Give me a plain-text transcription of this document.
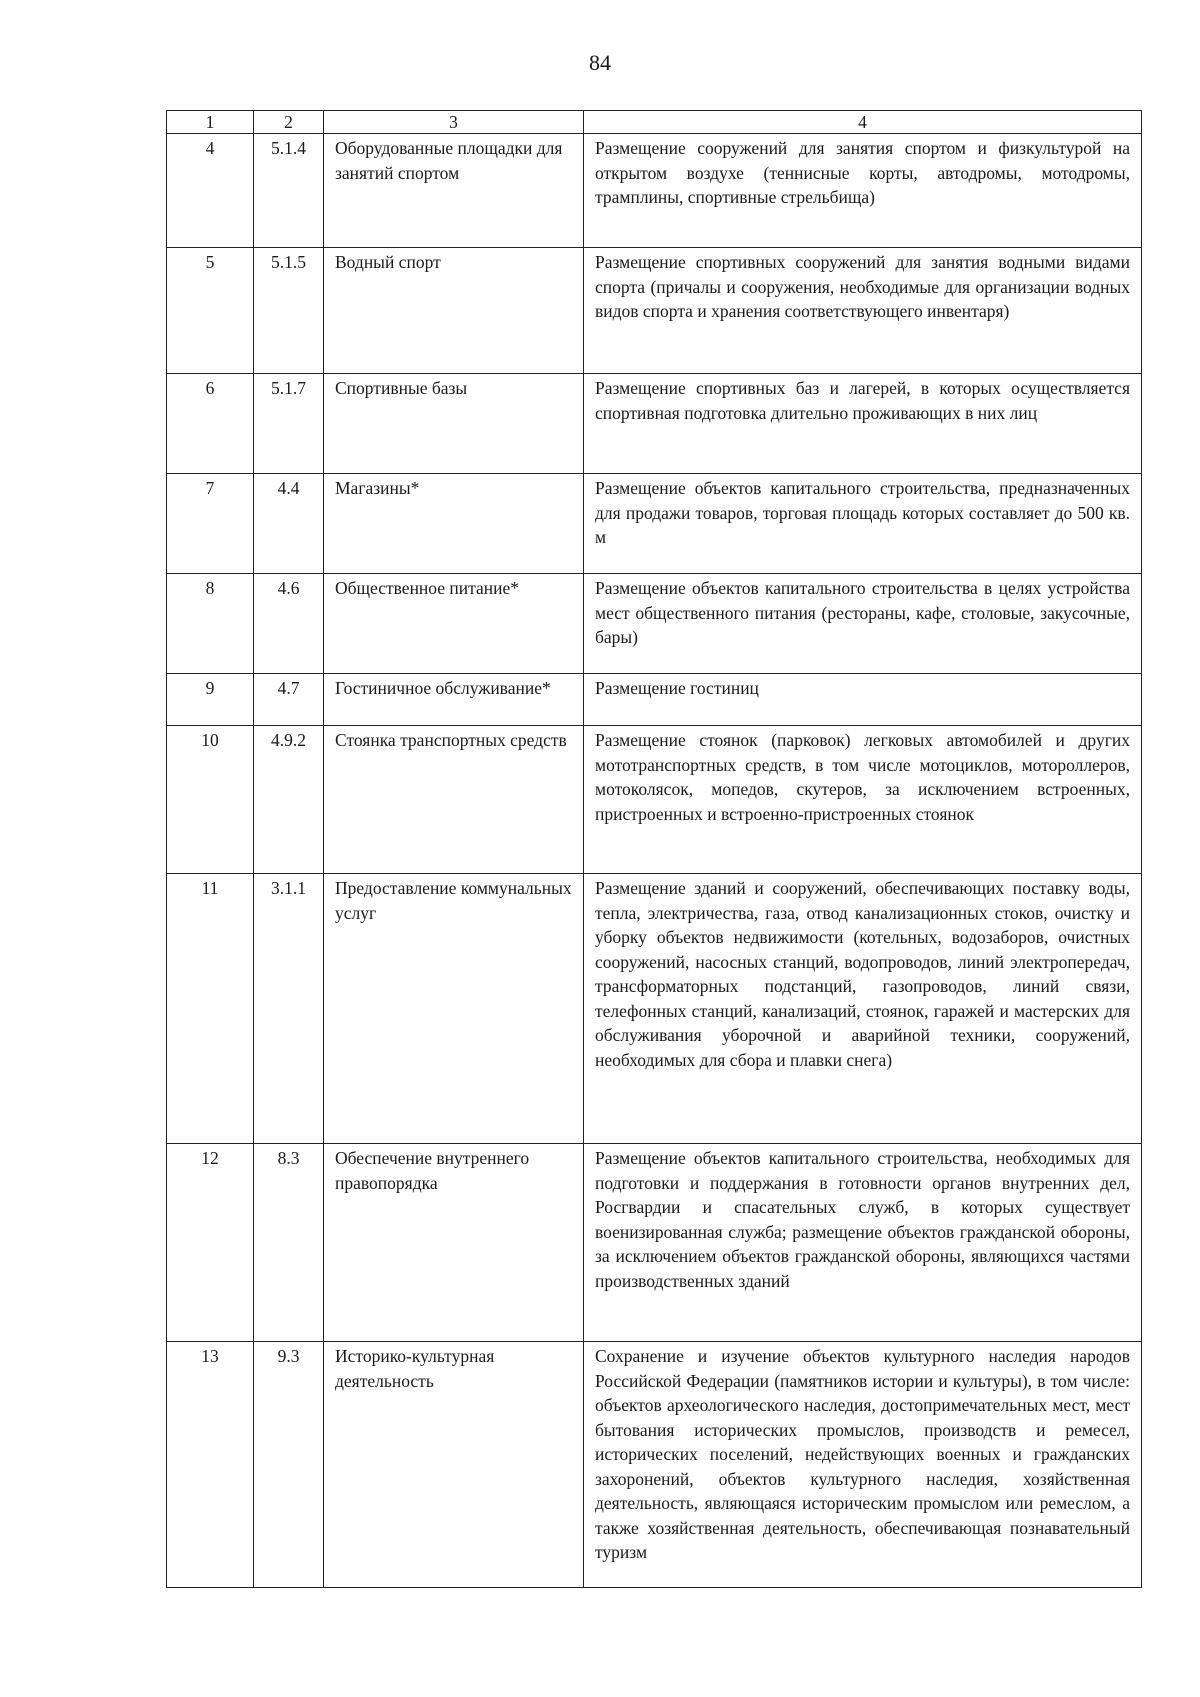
84
1	2	3	4
4	5.1.4	Оборудованные площадки для занятий спортом	Размещение сооружений для занятия спортом и физкультурой на открытом воздухе (теннисные корты, автодромы, мотодромы, трамплины, спортивные стрельбища)
5	5.1.5	Водный спорт	Размещение спортивных сооружений для занятия водными видами спорта (причалы и сооружения, необходимые для организации водных видов спорта и хранения соответствующего инвентаря)
6	5.1.7	Спортивные базы	Размещение спортивных баз и лагерей, в которых осуществляется спортивная подготовка длительно проживающих в них лиц
7	4.4	Магазины*	Размещение объектов капитального строительства, предназначенных для продажи товаров, торговая площадь которых составляет до 500 кв. м
8	4.6	Общественное питание*	Размещение объектов капитального строительства в целях устройства мест общественного питания (рестораны, кафе, столовые, закусочные, бары)
9	4.7	Гостиничное обслуживание*	Размещение гостиниц
10	4.9.2	Стоянка транспортных средств	Размещение стоянок (парковок) легковых автомобилей и других мототранспортных средств, в том числе мотоциклов, мотороллеров, мотоколясок, мопедов, скутеров, за исключением встроенных, пристроенных и встроенно-пристроенных стоянок
11	3.1.1	Предоставление коммунальных услуг	Размещение зданий и сооружений, обеспечивающих поставку воды, тепла, электричества, газа, отвод канализационных стоков, очистку и уборку объектов недвижимости (котельных, водозаборов, очистных сооружений, насосных станций, водопроводов, линий электропередач, трансформаторных подстанций, газопроводов, линий связи, телефонных станций, канализаций, стоянок, гаражей и мастерских для обслуживания уборочной и аварийной техники, сооружений, необходимых для сбора и плавки снега)
12	8.3	Обеспечение внутреннего правопорядка	Размещение объектов капитального строительства, необходимых для подготовки и поддержания в готовности органов внутренних дел, Росгвардии и спасательных служб, в которых существует военизированная служба; размещение объектов гражданской обороны, за исключением объектов гражданской обороны, являющихся частями производственных зданий
13	9.3	Историко-культурная деятельность	Сохранение и изучение объектов культурного наследия народов Российской Федерации (памятников истории и культуры), в том числе: объектов археологического наследия, достопримечательных мест, мест бытования исторических промыслов, производств и ремесел, исторических поселений, недействующих военных и гражданских захоронений, объектов культурного наследия, хозяйственная деятельность, являющаяся историческим промыслом или ремеслом, а также хозяйственная деятельность, обеспечивающая познавательный туризм
